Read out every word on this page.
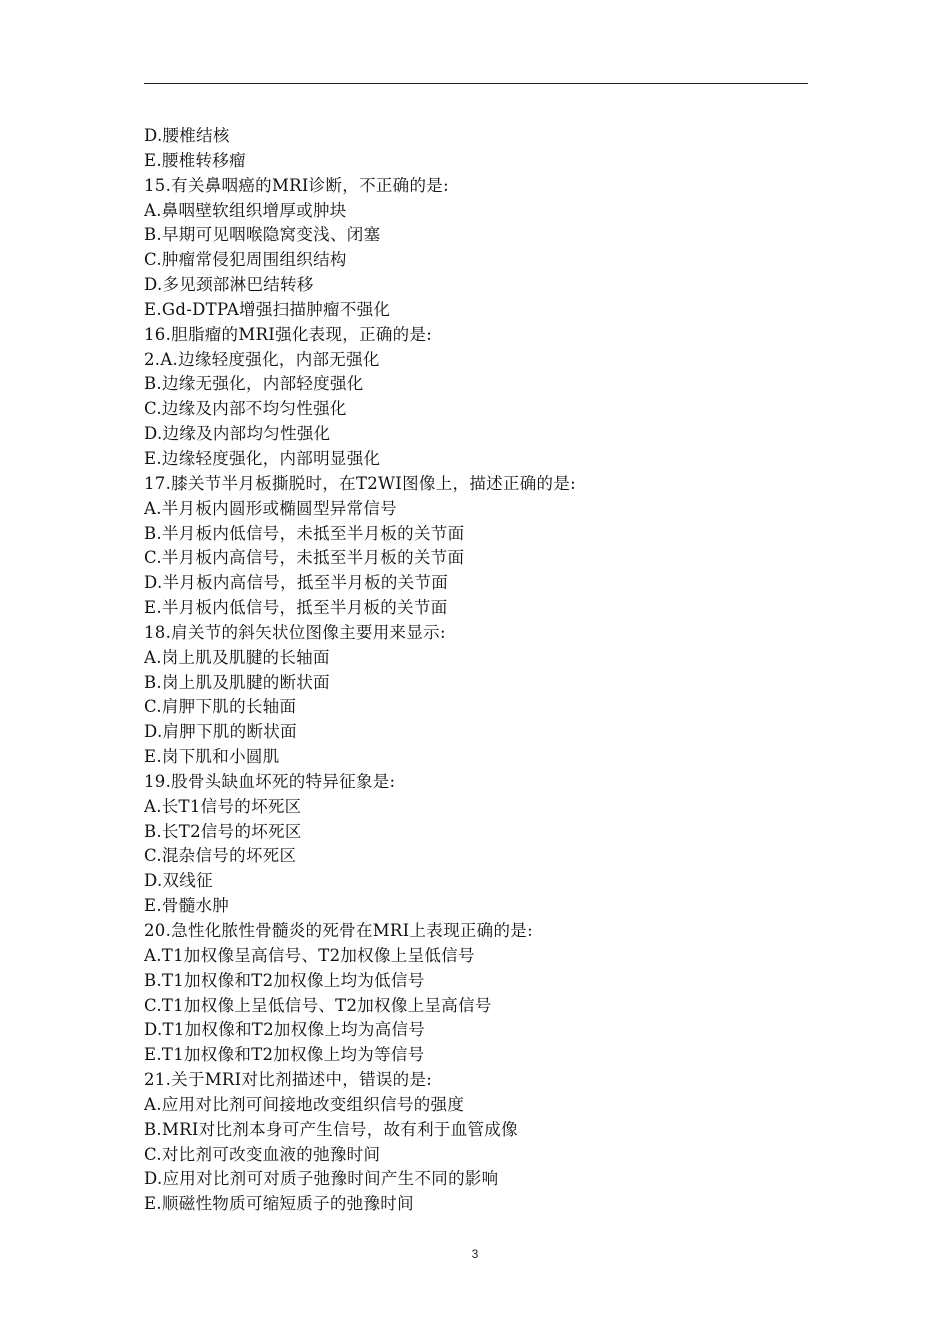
D.腰椎结核
E.腰椎转移瘤
15.有关鼻咽癌的MRI诊断，不正确的是:
A.鼻咽壁软组织增厚或肿块
B.早期可见咽喉隐窝变浅、闭塞
C.肿瘤常侵犯周围组织结构
D.多见颈部淋巴结转移
E.Gd-DTPA增强扫描肿瘤不强化
16.胆脂瘤的MRI强化表现，正确的是:
2.A.边缘轻度强化，内部无强化
B.边缘无强化，内部轻度强化
C.边缘及内部不均匀性强化
D.边缘及内部均匀性强化
E.边缘轻度强化，内部明显强化
17.膝关节半月板撕脱时，在T2WI图像上，描述正确的是:
A.半月板内圆形或椭圆型异常信号
B.半月板内低信号，未抵至半月板的关节面
C.半月板内高信号，未抵至半月板的关节面
D.半月板内高信号，抵至半月板的关节面
E.半月板内低信号，抵至半月板的关节面
18.肩关节的斜矢状位图像主要用来显示:
A.岗上肌及肌腱的长轴面
B.岗上肌及肌腱的断状面
C.肩胛下肌的长轴面
D.肩胛下肌的断状面
E.岗下肌和小圆肌
19.股骨头缺血坏死的特异征象是:
A.长T1信号的坏死区
B.长T2信号的坏死区
C.混杂信号的坏死区
D.双线征
E.骨髓水肿
20.急性化脓性骨髓炎的死骨在MRI上表现正确的是:
A.T1加权像呈高信号、T2加权像上呈低信号
B.T1加权像和T2加权像上均为低信号
C.T1加权像上呈低信号、T2加权像上呈高信号
D.T1加权像和T2加权像上均为高信号
E.T1加权像和T2加权像上均为等信号
21.关于MRI对比剂描述中，错误的是:
A.应用对比剂可间接地改变组织信号的强度
B.MRI对比剂本身可产生信号，故有利于血管成像
C.对比剂可改变血液的弛豫时间
D.应用对比剂可对质子弛豫时间产生不同的影响
E.顺磁性物质可缩短质子的弛豫时间
3
